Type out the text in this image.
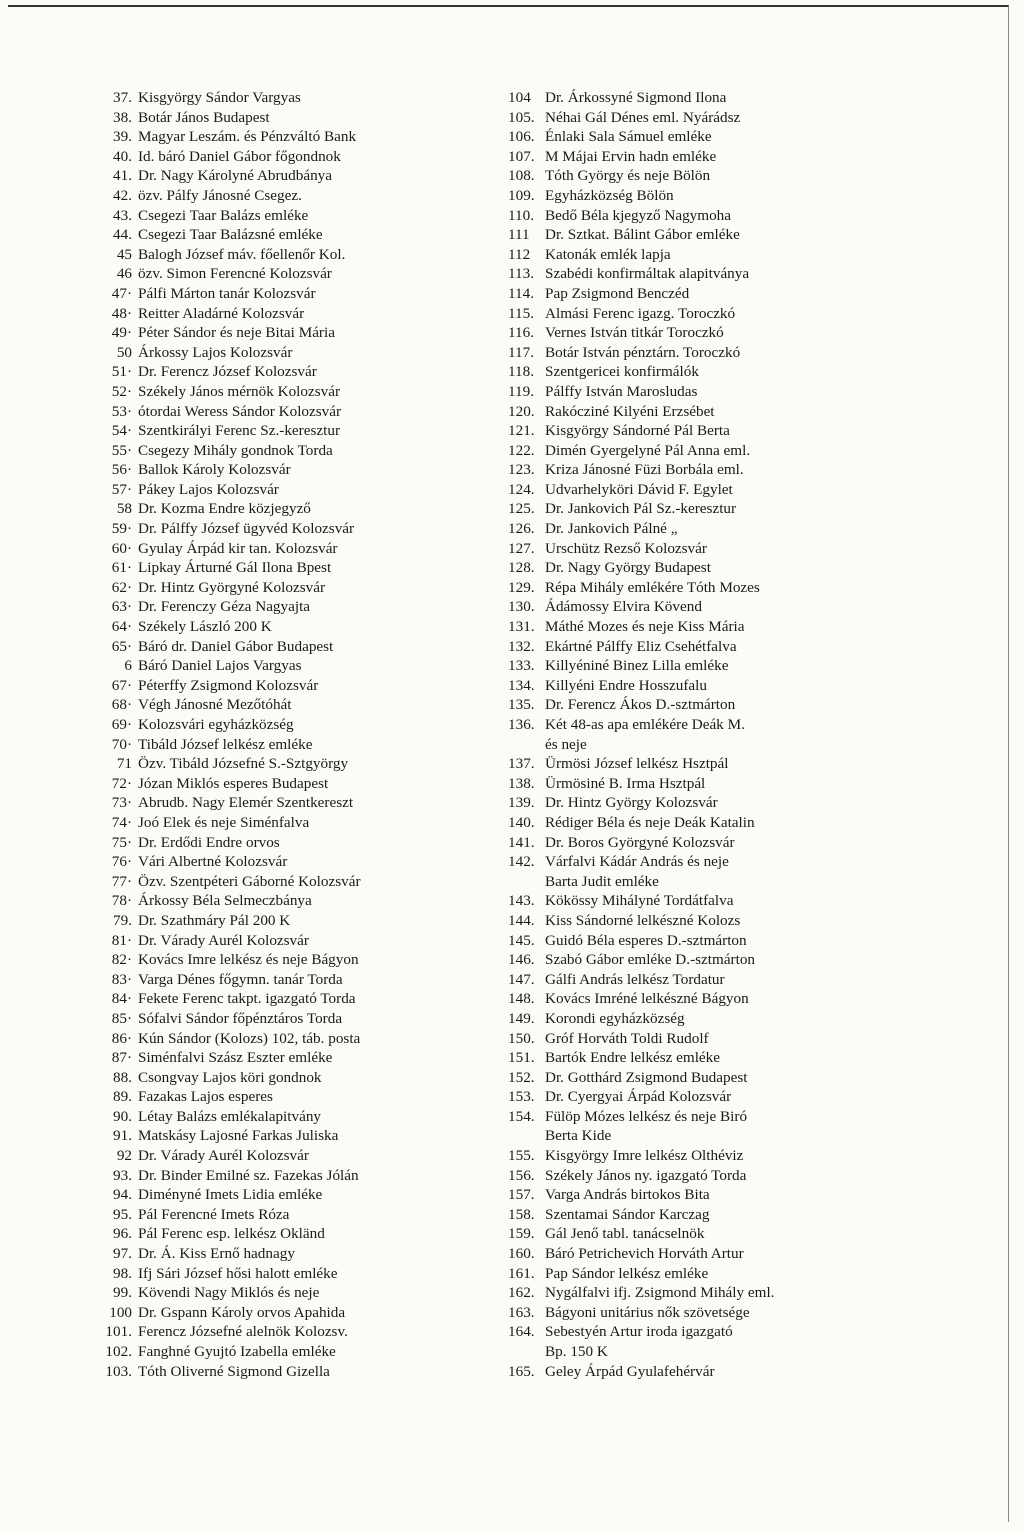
37. Kisgyörgy Sándor Vargyas
38. Botár János Budapest
39. Magyar Leszám. és Pénzváltó Bank
40. Id. báró Daniel Gábor főgondnok
41. Dr. Nagy Károlyné Abrudbánya
42. özv. Pálfy Jánosné Csegez.
43. Csegezi Taar Balázs emléke
44. Csegezi Taar Balázsné emléke
45 Balogh József máv. főellenőr Kol.
46 özv. Simon Ferencné Kolozsvár
47· Pálfi Márton tanár Kolozsvár
48· Reitter Aladárné Kolozsvár
49· Péter Sándor és neje Bitai Mária
50 Árkossy Lajos Kolozsvár
51· Dr. Ferencz József Kolozsvár
52· Székely János mérnök Kolozsvár
53· ótordai Weress Sándor Kolozsvár
54· Szentkirályi Ferenc Sz.-keresztur
55· Csegezy Mihály gondnok Torda
56· Ballok Károly Kolozsvár
57· Pákey Lajos Kolozsvár
58 Dr. Kozma Endre közjegyző
59· Dr. Pálffy József ügyvéd Kolozsvár
60· Gyulay Árpád kir tan. Kolozsvár
61· Lipkay Árturné Gál Ilona Bpest
62· Dr. Hintz Györgyné Kolozsvár
63· Dr. Ferenczy Géza Nagyajta
64· Székely László 200 K
65· Báró dr. Daniel Gábor Budapest
6 Báró Daniel Lajos Vargyas
67· Péterffy Zsigmond Kolozsvár
68· Végh Jánosné Mezőtóhát
69· Kolozsvári egyházközség
70· Tibáld József lelkész emléke
71 Özv. Tibáld Józsefné S.-Sztgyörgy
72· Józan Miklós esperes Budapest
73· Abrudb. Nagy Elemér Szentkereszt
74· Joó Elek és neje Siménfalva
75· Dr. Erdődi Endre orvos
76· Vári Albertné Kolozsvár
77· Özv. Szentpéteri Gáborné Kolozsvár
78· Árkossy Béla Selmeczbánya
79. Dr. Szathmáry Pál 200 K
81· Dr. Várady Aurél Kolozsvár
82· Kovács Imre lelkész és neje Bágyon
83· Varga Dénes főgymn. tanár Torda
84· Fekete Ferenc takpt. igazgató Torda
85· Sófalvi Sándor főpénztáros Torda
86· Kún Sándor (Kolozs) 102, táb. posta
87· Siménfalvi Szász Eszter emléke
88. Csongvay Lajos köri gondnok
89. Fazakas Lajos esperes
90. Létay Balázs emlékalapitvány
91. Matskásy Lajosné Farkas Juliska
92 Dr. Várady Aurél Kolozsvár
93. Dr. Binder Emilné sz. Fazekas Jólán
94. Diményné Imets Lidia emléke
95. Pál Ferencné Imets Róza
96. Pál Ferenc esp. lelkész Okländ
97. Dr. Á. Kiss Ernő hadnagy
98. Ifj Sári József hősi halott emléke
99. Kövendi Nagy Miklós és neje
100 Dr. Gspann Károly orvos Apahida
101. Ferencz Józsefné alelnök Kolozsv.
102. Fanghné Gyujtó Izabella emléke
103. Tóth Oliverné Sigmond Gizella
104 Dr. Árkossyné Sigmond Ilona
105. Néhai Gál Dénes eml. Nyárádsz
106. Énlaki Sala Sámuel emléke
107. M Májai Ervin hadn emléke
108. Tóth György és neje Bölön
109. Egyházközség Bölön
110. Bedő Béla kjegyző Nagymoha
111	Dr. Sztkat. Bálint Gábor emléke
112 Katonák emlék lapja
113. Szabédi konfirmáltak alapitványa
114. Pap Zsigmond Benczéd
115. Almási Ferenc igazg. Toroczkó
116. Vernes István titkár Toroczkó
117. Botár István pénztárn. Toroczkó
118. Szentgericei konfirmálók
119. Pálffy István Marosludas
120. Rakócziné Kilyéni Erzsébet
121. Kisgyörgy Sándorné Pál Berta
122. Dimén Gyergelyné Pál Anna eml.
123. Kriza Jánosné Füzi Borbála eml.
124. Udvarhelyköri Dávid F. Egylet
125. Dr. Jankovich Pál Sz.-keresztur
126. Dr. Jankovich Pálné „
127. Urschütz Rezső Kolozsvár
128. Dr. Nagy György Budapest
129. Répa Mihály emlékére Tóth Mozes
130. Ádámossy Elvira Kövend
131. Máthé Mozes és neje Kiss Mária
132. Ekártné Pálffy Eliz Csehétfalva
133. Killyéniné Binez Lilla emléke
134. Killyéni Endre Hosszufalu
135. Dr. Ferencz Ákos D.-sztmárton
136. Két 48-as apa emlékére Deák M.
és neje
137. Ürmösi József lelkész Hsztpál
138. Ürmösiné B. Irma Hsztpál
139. Dr. Hintz György Kolozsvár
140. Rédiger Béla és neje Deák Katalin
141. Dr. Boros Györgyné Kolozsvár
142. Várfalvi Kádár András és neje
Barta Judit emléke
143. Kökössy Mihályné Tordátfalva
144. Kiss Sándorné lelkészné Kolozs
145. Guidó Béla esperes D.-sztmárton
146. Szabó Gábor emléke D.-sztmárton
147. Gálfi András lelkész Tordatur
148. Kovács Imréné lelkészné Bágyon
149. Korondi egyházközség
150. Gróf Horváth Toldi Rudolf
151. Bartók Endre lelkész emléke
152. Dr. Gotthárd Zsigmond Budapest
153. Dr. Cyergyai Árpád Kolozsvár
154. Fülöp Mózes lelkész és neje Biró
Berta Kide
155. Kisgyörgy Imre lelkész Olthéviz
156. Székely János ny. igazgató Torda
157. Varga András birtokos Bita
158. Szentamai Sándor Karczag
159. Gál Jenő tabl. tanácselnök
160. Báró Petrichevich Horváth Artur
161. Pap Sándor lelkész emléke
162. Nygálfalvi ifj. Zsigmond Mihály eml.
163. Bágyoni unitárius nők szövetsége
164. Sebestyén Artur iroda igazgató
Bp. 150 K
165. Geley Árpád Gyulafehérvár
